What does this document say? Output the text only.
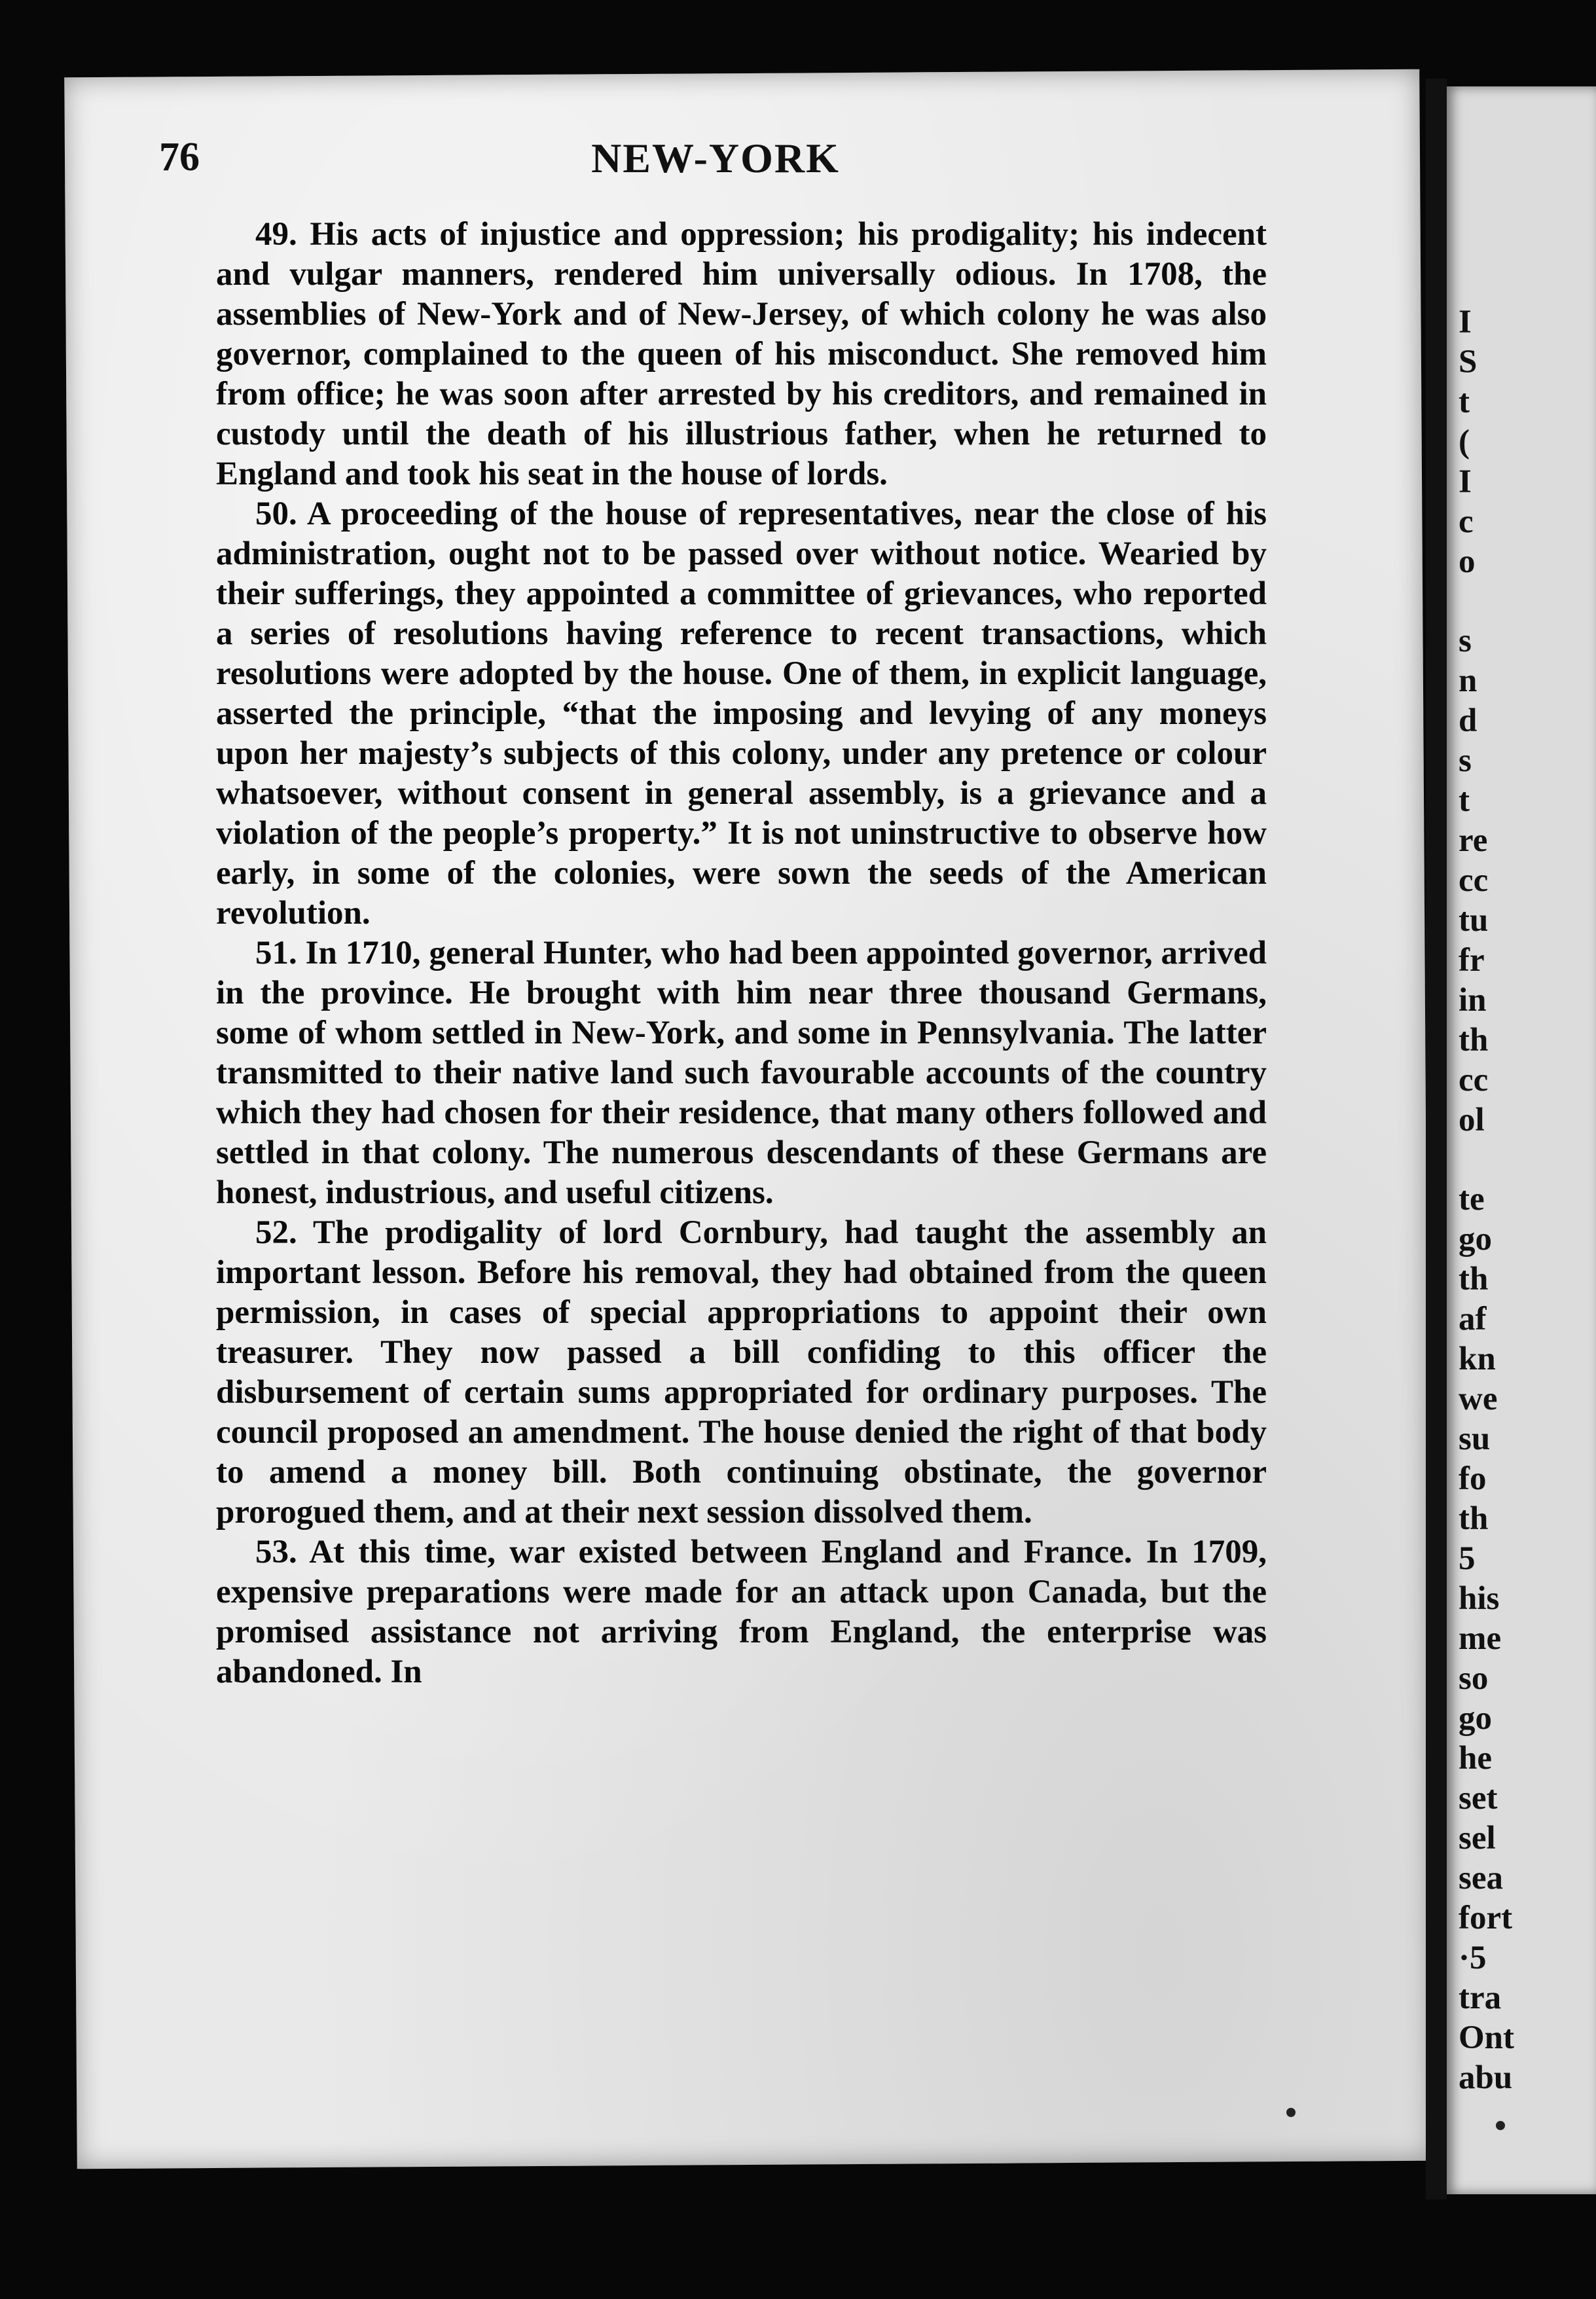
I
S
t
(
I
c
o
s
n
d
s
t
re
cc
tu
fr
in
th
cc
ol
te
go
th
af
kn
we
su
fo
th
5
his
me
so
go
he
set
sel
sea
fort
·5
tra
Ont
abu
76	NEW-YORK

49. His acts of injustice and oppression; his prodigality; his indecent and vulgar manners, rendered him universally odious. In 1708, the assemblies of New-York and of New-Jersey, of which colony he was also governor, complained to the queen of his misconduct. She removed him from office; he was soon after arrested by his creditors, and remained in custody until the death of his illustrious father, when he returned to England and took his seat in the house of lords.

50. A proceeding of the house of representatives, near the close of his administration, ought not to be passed over without notice. Wearied by their sufferings, they appointed a committee of grievances, who reported a series of resolutions having reference to recent transactions, which resolutions were adopted by the house. One of them, in explicit language, asserted the principle, “that the imposing and levying of any moneys upon her majesty’s subjects of this colony, under any pretence or colour whatsoever, without consent in general assembly, is a grievance and a violation of the people’s property.” It is not uninstructive to observe how early, in some of the colonies, were sown the seeds of the American revolution.

51. In 1710, general Hunter, who had been appointed governor, arrived in the province. He brought with him near three thousand Germans, some of whom settled in New-York, and some in Pennsylvania. The latter transmitted to their native land such favourable accounts of the country which they had chosen for their residence, that many others followed and settled in that colony. The numerous descendants of these Germans are honest, industrious, and useful citizens.

52. The prodigality of lord Cornbury, had taught the assembly an important lesson. Before his removal, they had obtained from the queen permission, in cases of special appropriations to appoint their own treasurer. They now passed a bill confiding to this officer the disbursement of certain sums appropriated for ordinary purposes. The council proposed an amendment. The house denied the right of that body to amend a money bill. Both continuing obstinate, the governor prorogued them, and at their next session dissolved them.

53. At this time, war existed between England and France. In 1709, expensive preparations were made for an attack upon Canada, but the promised assistance not arriving from England, the enterprise was abandoned. In
